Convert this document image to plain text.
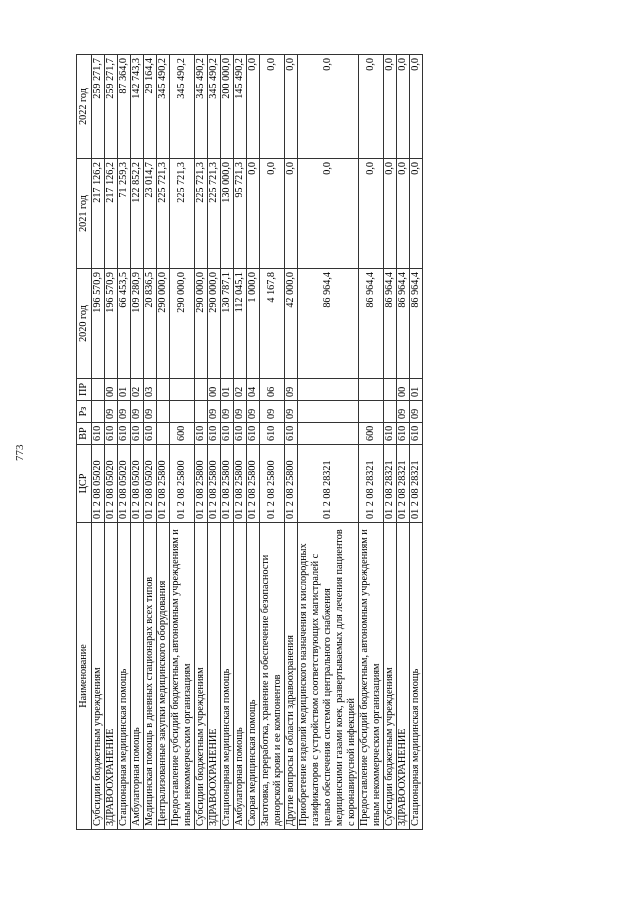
773
Наименование	ЦСР	ВР	Рз	ПР	2020 год	2021 год	2022 год
Субсидии бюджетным учреждениям	01 2 08 05020	610			196 570,9	217 126,2	259 271,7
ЗДРАВООХРАНЕНИЕ	01 2 08 05020	610	09	00	196 570,9	217 126,2	259 271,7
Стационарная медицинская помощь	01 2 08 05020	610	09	01	66 453,5	71 259,3	87 364,0
Амбулаторная помощь	01 2 08 05020	610	09	02	109 280,9	122 852,2	142 743,3
Медицинская помощь в дневных стационарах всех типов	01 2 08 05020	610	09	03	20 836,5	23 014,7	29 164,4
Централизованные закупки медицинского оборудования	01 2 08 25800				290 000,0	225 721,3	345 490,2
Предоставление субсидий бюджетным, автономным учреждениям и иным некоммерческим организациям	01 2 08 25800	600			290 000,0	225 721,3	345 490,2
Субсидии бюджетным учреждениям	01 2 08 25800	610			290 000,0	225 721,3	345 490,2
ЗДРАВООХРАНЕНИЕ	01 2 08 25800	610	09	00	290 000,0	225 721,3	345 490,2
Стационарная медицинская помощь	01 2 08 25800	610	09	01	130 787,1	130 000,0	200 000,0
Амбулаторная помощь	01 2 08 25800	610	09	02	112 045,1	95 721,3	145 490,2
Скорая медицинская помощь	01 2 08 25800	610	09	04	1 000,0	0,0	0,0
Заготовка, переработка, хранение и обеспечение безопасности донорской крови и ее компонентов	01 2 08 25800	610	09	06	4 167,8	0,0	0,0
Другие вопросы в области здравоохранения	01 2 08 25800	610	09	09	42 000,0	0,0	0,0
Приобретение изделий медицинского назначения и кислородных газификаторов с устройством соответствующих магистралей с целью обеспечения системой центрального снабжения медицинскими газами коек, развертываемых для лечения пациентов с коронавирусной инфекцией	01 2 08 28321				86 964,4	0,0	0,0
Предоставление субсидий бюджетным, автономным учреждениям и иным некоммерческим организациям	01 2 08 28321	600			86 964,4	0,0	0,0
Субсидии бюджетным учреждениям	01 2 08 28321	610			86 964,4	0,0	0,0
ЗДРАВООХРАНЕНИЕ	01 2 08 28321	610	09	00	86 964,4	0,0	0,0
Стационарная медицинская помощь	01 2 08 28321	610	09	01	86 964,4	0,0	0,0
